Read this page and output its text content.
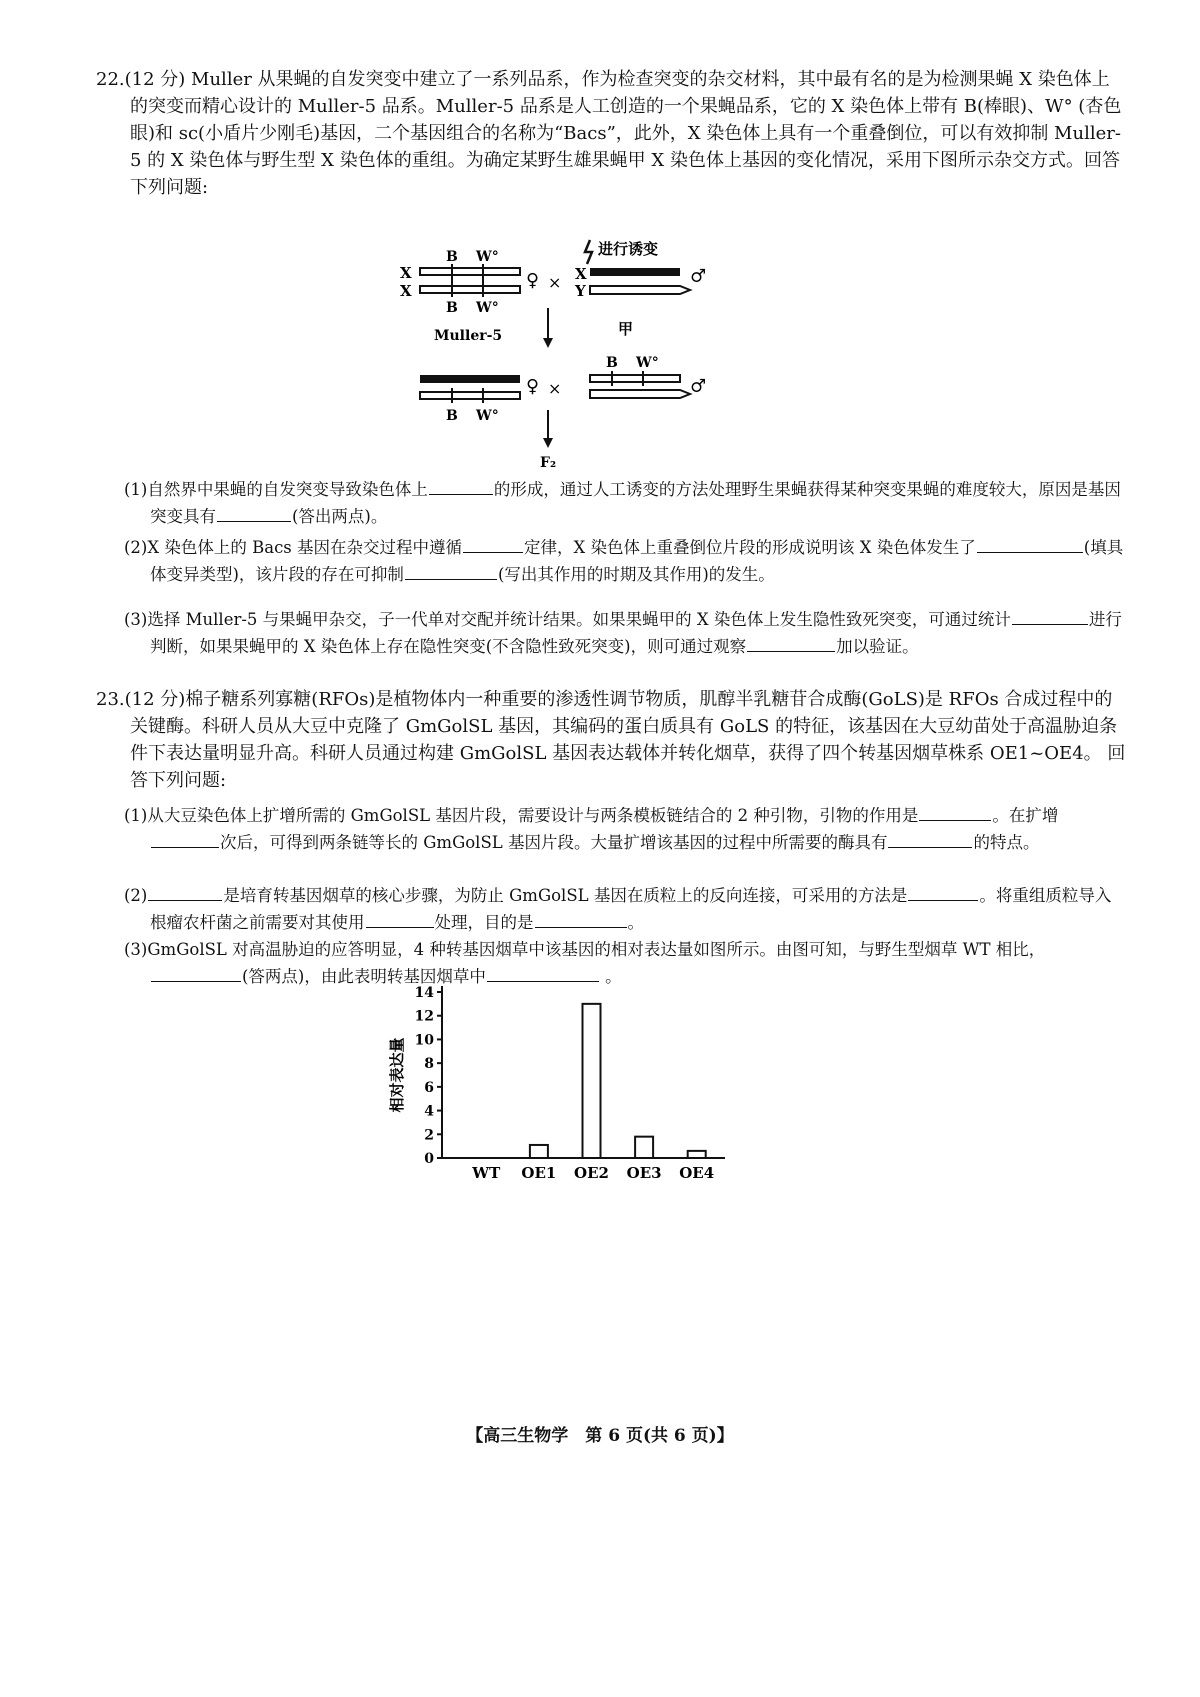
22.(12 分) Muller 从果蝇的自发突变中建立了一系列品系，作为检查突变的杂交材料，其中最有名的是为检测果蝇 X 染色体上的突变而精心设计的 Muller-5 品系。Muller-5 品系是人工创造的一个果蝇品系，它的 X 染色体上带有 B(棒眼)、W° (杏色眼)和 sc(小盾片少刚毛)基因，二个基因组合的名称为“Bacs”，此外，X 染色体上具有一个重叠倒位，可以有效抑制 Muller-5 的 X 染色体与野生型 X 染色体的重组。为确定某野生雄果蝇甲 X 染色体上基因的变化情况，采用下图所示杂交方式。回答下列问题:
X
X
B W°
B W°
♀ ×
Muller-5
X
Y
进行诱变
♂
甲
B W°
♀ ×
B W°
♂
F₂
(1)自然界中果蝇的自发突变导致染色体上	的形成，通过人工诱变的方法处理野生果蝇获得某种突变果蝇的难度较大，原因是基因突变具有	(答出两点)。
(2)X 染色体上的 Bacs 基因在杂交过程中遵循	定律，X 染色体上重叠倒位片段的形成说明该 X 染色体发生了	(填具体变异类型)，该片段的存在可抑制	(写出其作用的时期及其作用)的发生。
(3)选择 Muller-5 与果蝇甲杂交，子一代单对交配并统计结果。如果果蝇甲的 X 染色体上发生隐性致死突变，可通过统计	进行判断，如果果蝇甲的 X 染色体上存在隐性突变(不含隐性致死突变)，则可通过观察	加以验证。
23.(12 分)棉子糖系列寡糖(RFOs)是植物体内一种重要的渗透性调节物质，肌醇半乳糖苷合成酶(GoLS)是 RFOs 合成过程中的关键酶。科研人员从大豆中克隆了 GmGolSL 基因，其编码的蛋白质具有 GoLS 的特征，该基因在大豆幼苗处于高温胁迫条件下表达量明显升高。科研人员通过构建 GmGolSL 基因表达载体并转化烟草，获得了四个转基因烟草株系 OE1~OE4。 回答下列问题:
(1)从大豆染色体上扩增所需的 GmGolSL 基因片段，需要设计与两条模板链结合的 2 种引物，引物的作用是	。在扩增次后，可得到两条链等长的 GmGolSL 基因片段。大量扩增该基因的过程中所需要的酶具有	的特点。
(2)	是培育转基因烟草的核心步骤，为防止 GmGolSL 基因在质粒上的反向连接，可采用的方法是	。将重组质粒导入根瘤农杆菌之前需要对其使用	处理，目的是	。
(3)GmGolSL 对高温胁迫的应答明显，4 种转基因烟草中该基因的相对表达量如图所示。由图可知，与野生型烟草 WT 相比，(答两点)，由此表明转基因烟草中	。
相对表达量
0
2
4
6
8
10
12
14
WT OE1 OE2 OE3 OE4
【高三生物学　第 6 页(共 6 页)】
